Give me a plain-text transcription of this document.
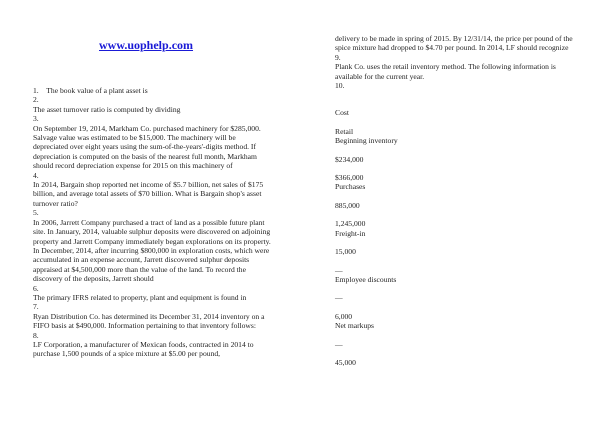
www.uophelp.com
1. The book value of a plant asset is
2.
The asset turnover ratio is computed by dividing
3.
On September 19, 2014, Markham Co. purchased machinery for $285,000. Salvage value was estimated to be $15,000. The machinery will be depreciated over eight years using the sum-of-the-years'-digits method. If depreciation is computed on the basis of the nearest full month, Markham should record depreciation expense for 2015 on this machinery of
4.
In 2014, Bargain shop reported net income of $5.7 billion, net sales of $175 billion, and average total assets of $70 billion. What is Bargain shop's asset turnover ratio?
5.
In 2006, Jarrett Company purchased a tract of land as a possible future plant site. In January, 2014, valuable sulphur deposits were discovered on adjoining property and Jarrett Company immediately began explorations on its property. In December, 2014, after incurring $800,000 in exploration costs, which were accumulated in an expense account, Jarrett discovered sulphur deposits appraised at $4,500,000 more than the value of the land. To record the discovery of the deposits, Jarrett should
6.
The primary IFRS related to property, plant and equipment is found in
7.
Ryan Distribution Co. has determined its December 31, 2014 inventory on a FIFO basis at $490,000. Information pertaining to that inventory follows:
8.
LF Corporation, a manufacturer of Mexican foods, contracted in 2014 to purchase 1,500 pounds of a spice mixture at $5.00 per pound,
delivery to be made in spring of 2015. By 12/31/14, the price per pound of the spice mixture had dropped to $4.70 per pound. In 2014, LF should recognize
9.
Plank Co. uses the retail inventory method. The following information is available for the current year.
10.
Cost
Retail
Beginning inventory
$234,000
$366,000
Purchases
885,000
1,245,000
Freight-in
15,000
—
Employee discounts
—
6,000
Net markups
—
45,000
